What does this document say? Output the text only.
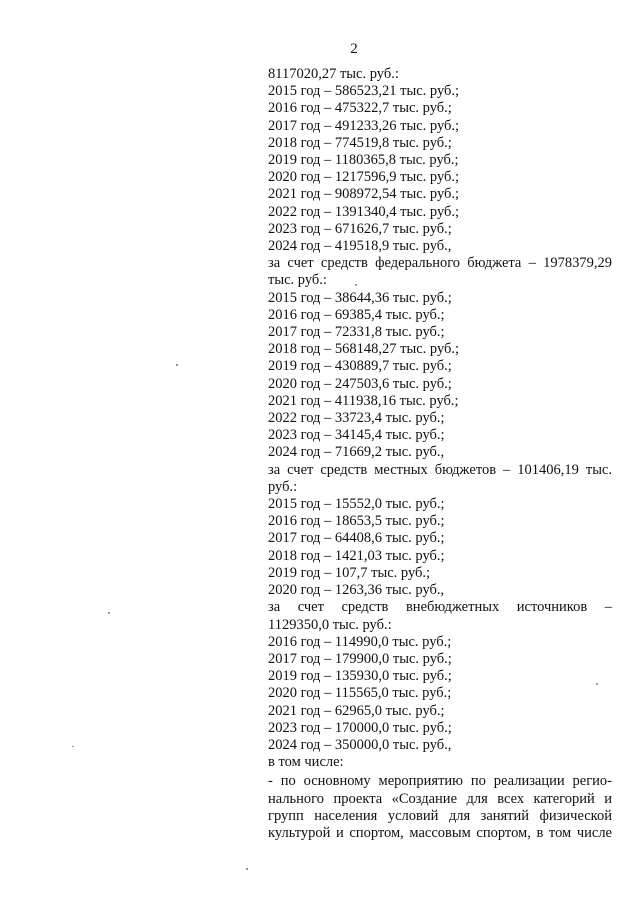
2
8117020,27 тыс. руб.:
2015 год – 586523,21 тыс. руб.;
2016 год – 475322,7 тыс. руб.;
2017 год – 491233,26 тыс. руб.;
2018 год – 774519,8 тыс. руб.;
2019 год – 1180365,8 тыс. руб.;
2020 год – 1217596,9 тыс. руб.;
2021 год – 908972,54 тыс. руб.;
2022 год – 1391340,4 тыс. руб.;
2023 год – 671626,7 тыс. руб.;
2024 год – 419518,9 тыс. руб.,
за счет средств федерального бюджета – 1978379,29
тыс. руб.:
2015 год – 38644,36 тыс. руб.;
2016 год – 69385,4 тыс. руб.;
2017 год – 72331,8 тыс. руб.;
2018 год – 568148,27 тыс. руб.;
2019 год – 430889,7 тыс. руб.;
2020 год – 247503,6 тыс. руб.;
2021 год – 411938,16 тыс. руб.;
2022 год – 33723,4 тыс. руб.;
2023 год – 34145,4 тыс. руб.;
2024 год – 71669,2 тыс. руб.,
за счет средств местных бюджетов – 101406,19 тыс.
руб.:
2015 год – 15552,0 тыс. руб.;
2016 год – 18653,5 тыс. руб.;
2017 год – 64408,6 тыс. руб.;
2018 год – 1421,03 тыс. руб.;
2019 год – 107,7 тыс. руб.;
2020 год – 1263,36 тыс. руб.,
за счет средств внебюджетных источников –
1129350,0 тыс. руб.:
2016 год – 114990,0 тыс. руб.;
2017 год – 179900,0 тыс. руб.;
2019 год – 135930,0 тыс. руб.;
2020 год – 115565,0 тыс. руб.;
2021 год – 62965,0 тыс. руб.;
2023 год – 170000,0 тыс. руб.;
2024 год – 350000,0 тыс. руб.,
в том числе:
- по основному мероприятию по реализации регио-
нального проекта «Создание для всех категорий и
групп населения условий для занятий физической
культурой и спортом, массовым спортом, в том числе
